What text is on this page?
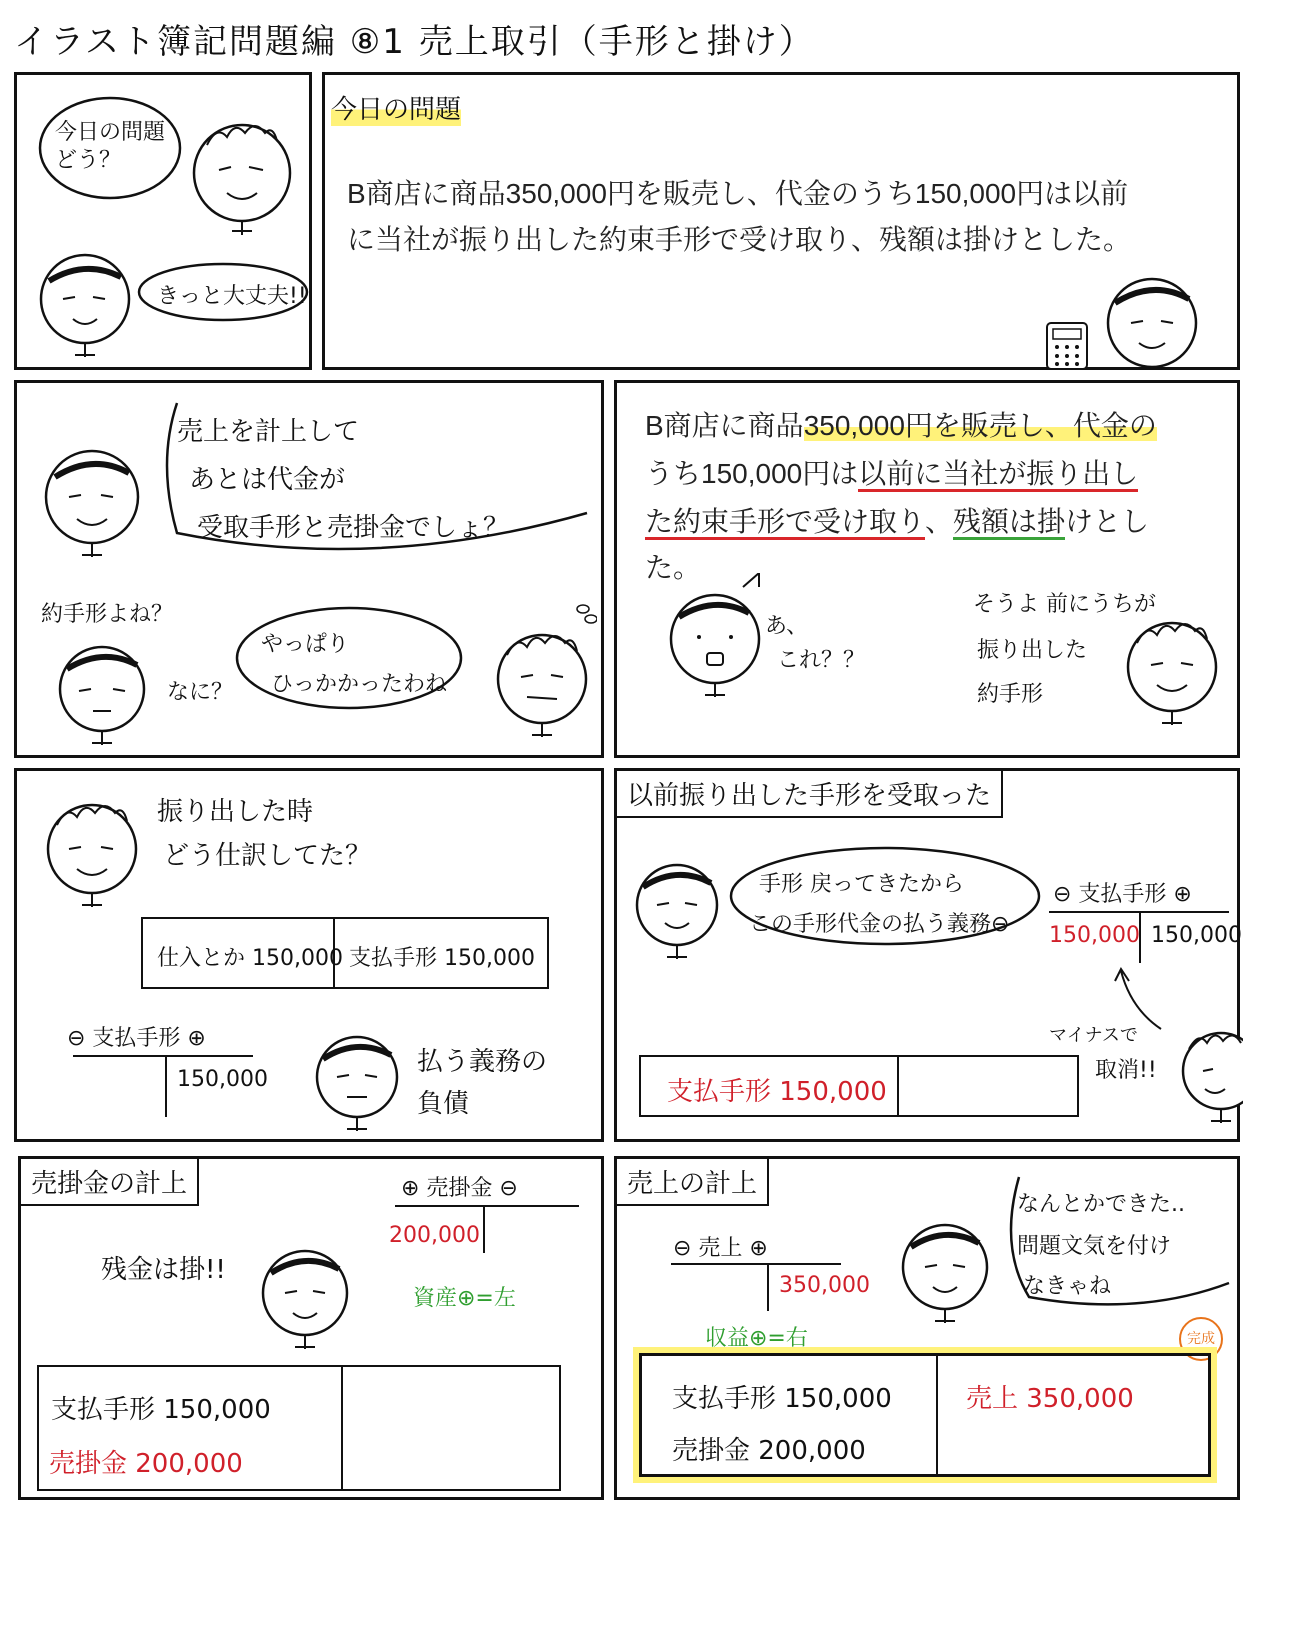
イラスト簿記問題編 ⑧1 売上取引（手形と掛け）
今日の問題どう？
きっと大丈夫!!
今日の問題
B商店に商品350,000円を販売し、代金のうち150,000円は以前
に当社が振り出した約束手形で受け取り、残額は掛けとした。
売上を計上して
あとは代金が
受取手形と売掛金でしょ？
約手形よね？
なに？
やっぱり
ひっかかったわね
B商店に商品350,000円を販売し、代金の
うち150,000円は以前に当社が振り出し
た約束手形で受け取り、残額は掛けとし
た。
あ、
これ？？
そうよ 前にうちが
振り出した
約手形
振り出した時
どう仕訳してた？
仕入とか 150,000 支払手形 150,000
⊖ 支払手形 ⊕
150,000
払う義務の
負債
以前振り出した手形を受取った
手形 戻ってきたから
この手形代金の払う義務⊖
⊖ 支払手形 ⊕
150,000 150,000
マイナスで
取消!!
支払手形 150,000
売掛金の計上	⊕ 売掛金 ⊖
200,000
資産⊕=左
残金は掛!!
支払手形 150,000
売掛金 200,000
売上の計上
⊖ 売上 ⊕
350,000
収益⊕=右
なんとかできた..
問題文気を付け
なきゃね
完成
支払手形 150,000
売掛金 200,000
売上 350,000
